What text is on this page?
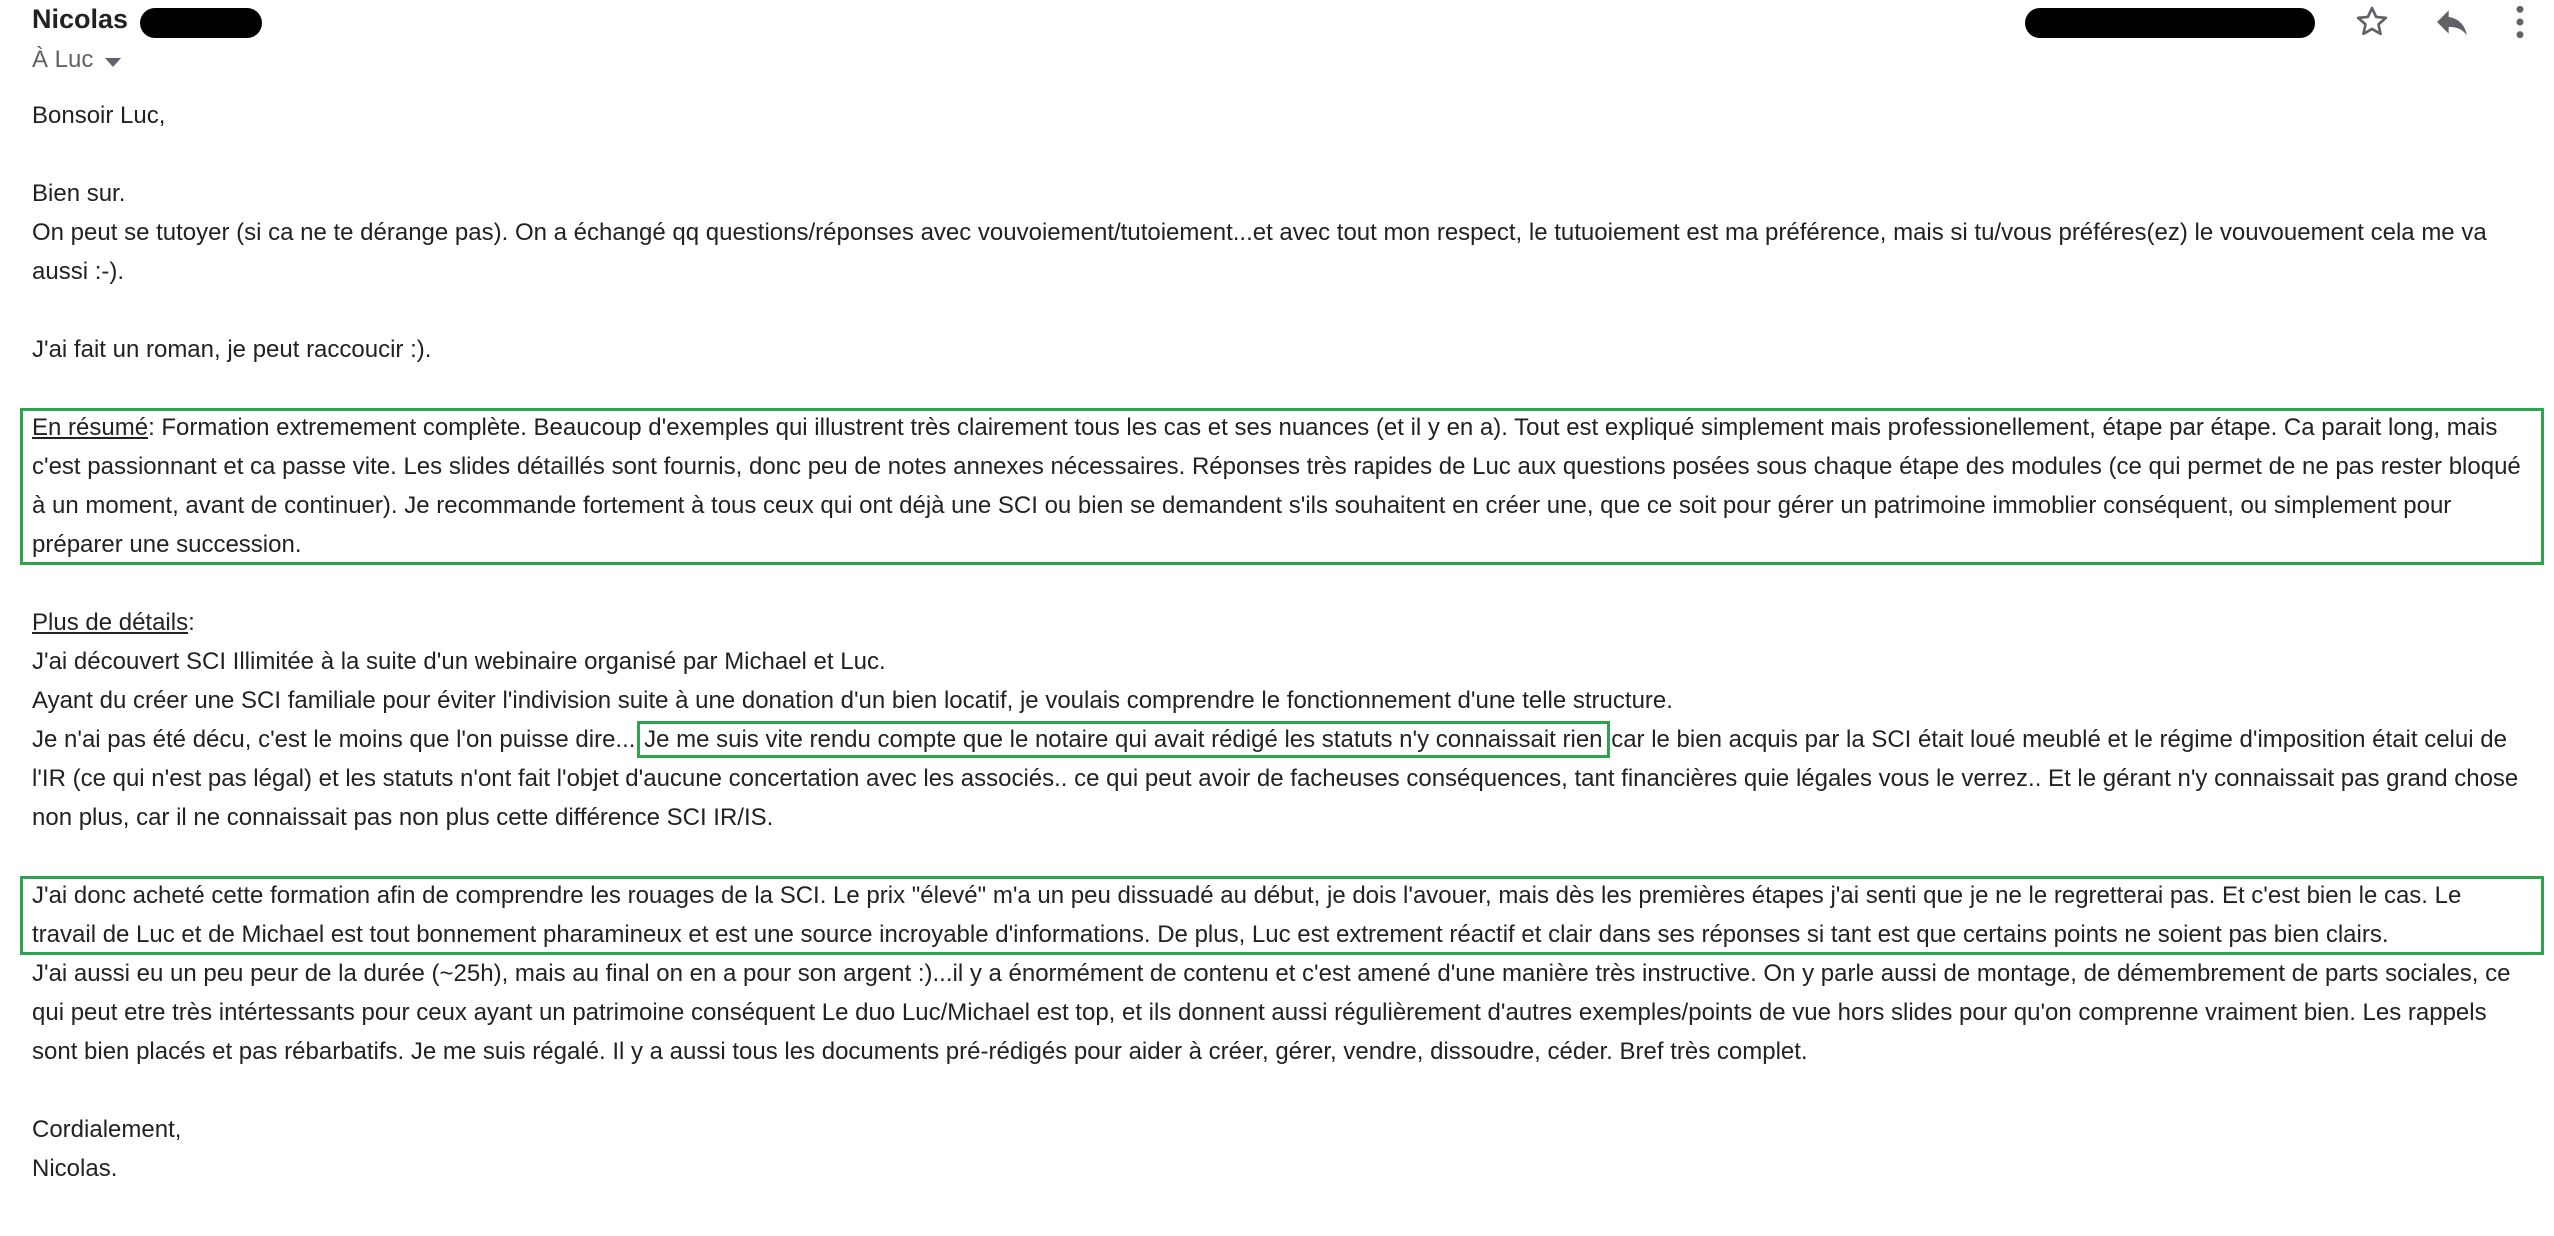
Nicolas
À Luc

Bonsoir Luc,

Bien sur.

On peut se tutoyer (si ca ne te dérange pas). On a échangé qq questions/réponses avec vouvoiement/tutoiement...et avec tout mon respect, le tutuoiement est ma préférence, mais si tu/vous préféres(ez) le vouvouement cela me va aussi :-).

J'ai fait un roman, je peut raccoucir :).

En résumé: Formation extremement complète. Beaucoup d'exemples qui illustrent très clairement tous les cas et ses nuances (et il y en a). Tout est expliqué simplement mais professionellement, étape par étape. Ca parait long, mais c'est passionnant et ca passe vite. Les slides détaillés sont fournis, donc peu de notes annexes nécessaires. Réponses très rapides de Luc aux questions posées sous chaque étape des modules (ce qui permet de ne pas rester bloqué à un moment, avant de continuer). Je recommande fortement à tous ceux qui ont déjà une SCI ou bien se demandent s'ils souhaitent en créer une, que ce soit pour gérer un patrimoine immoblier conséquent, ou simplement pour préparer une succession.

Plus de détails:

J'ai découvert SCI Illimitée à la suite d'un webinaire organisé par Michael et Luc.

Ayant du créer une SCI familiale pour éviter l'indivision suite à une donation d'un bien locatif, je voulais comprendre le fonctionnement d'une telle structure.

Je n'ai pas été décu, c'est le moins que l'on puisse dire... Je me suis vite rendu compte que le notaire qui avait rédigé les statuts n'y connaissait rien car le bien acquis par la SCI était loué meublé et le régime d'imposition était celui de l'IR (ce qui n'est pas légal) et les statuts n'ont fait l'objet d'aucune concertation avec les associés.. ce qui peut avoir de facheuses conséquences, tant financières quie légales vous le verrez.. Et le gérant n'y connaissait pas grand chose non plus, car il ne connaissait pas non plus cette différence SCI IR/IS.

J'ai donc acheté cette formation afin de comprendre les rouages de la SCI. Le prix "élevé" m'a un peu dissuadé au début, je dois l'avouer, mais dès les premières étapes j'ai senti que je ne le regretterai pas. Et c'est bien le cas. Le travail de Luc et de Michael est tout bonnement pharamineux et est une source incroyable d'informations. De plus, Luc est extrement réactif et clair dans ses réponses si tant est que certains points ne soient pas bien clairs.

J'ai aussi eu un peu peur de la durée (~25h), mais au final on en a pour son argent :)...il y a énormément de contenu et c'est amené d'une manière très instructive. On y parle aussi de montage, de démembrement de parts sociales, ce qui peut etre très intértessants pour ceux ayant un patrimoine conséquent Le duo Luc/Michael est top, et ils donnent aussi régulièrement d'autres exemples/points de vue hors slides pour qu'on comprenne vraiment bien. Les rappels sont bien placés et pas rébarbatifs. Je me suis régalé. Il y a aussi tous les documents pré-rédigés pour aider à créer, gérer, vendre, dissoudre, céder. Bref très complet.

Cordialement,

Nicolas.
